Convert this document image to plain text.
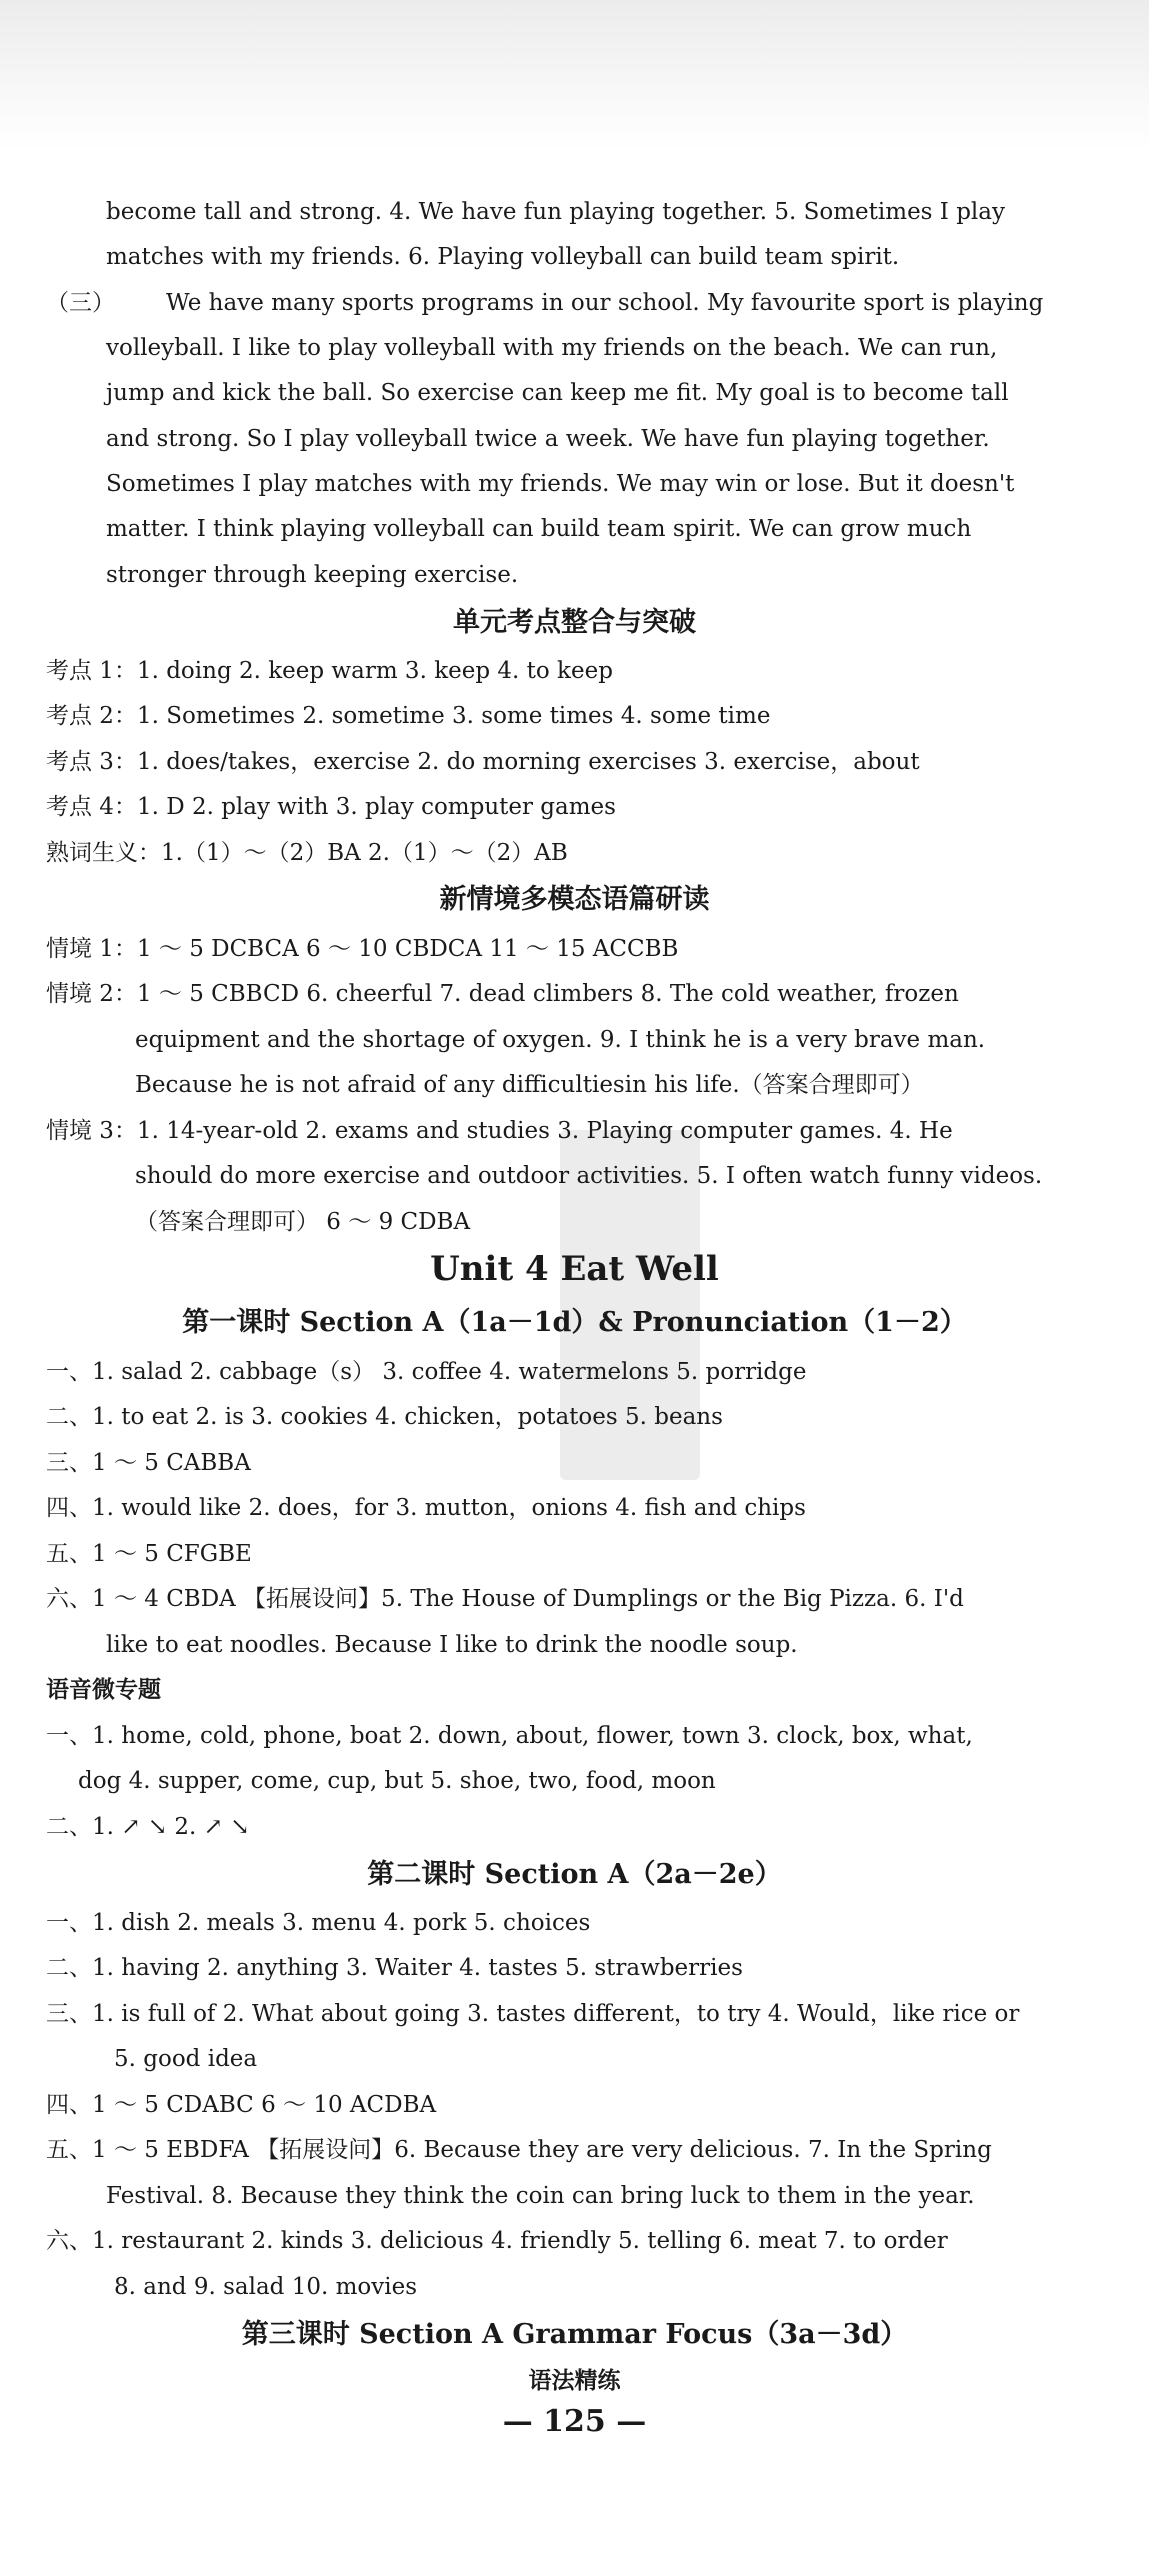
become tall and strong. 4. We have fun playing together. 5. Sometimes I play
matches with my friends. 6. Playing volleyball can build team spirit.
（三） We have many sports programs in our school. My favourite sport is playing
volleyball. I like to play volleyball with my friends on the beach. We can run,
jump and kick the ball. So exercise can keep me fit. My goal is to become tall
and strong. So I play volleyball twice a week. We have fun playing together.
Sometimes I play matches with my friends. We may win or lose. But it doesn't
matter. I think playing volleyball can build team spirit. We can grow much
stronger through keeping exercise.
单元考点整合与突破
考点 1：1. doing 2. keep warm 3. keep 4. to keep
考点 2：1. Sometimes 2. sometime 3. some times 4. some time
考点 3：1. does/takes，exercise 2. do morning exercises 3. exercise，about
考点 4：1. D 2. play with 3. play computer games
熟词生义：1.（1）～（2）BA 2.（1）～（2）AB
新情境多模态语篇研读
情境 1：1 ～ 5 DCBCA 6 ～ 10 CBDCA 11 ～ 15 ACCBB
情境 2：1 ～ 5 CBBCD 6. cheerful 7. dead climbers 8. The cold weather, frozen
equipment and the shortage of oxygen. 9. I think he is a very brave man.
Because he is not afraid of any difficultiesin his life.（答案合理即可）
情境 3：1. 14-year-old 2. exams and studies 3. Playing computer games. 4. He
should do more exercise and outdoor activities. 5. I often watch funny videos.
（答案合理即可） 6 ～ 9 CDBA
Unit 4 Eat Well
第一课时 Section A（1a－1d）& Pronunciation（1－2）
一、1. salad 2. cabbage（s） 3. coffee 4. watermelons 5. porridge
二、1. to eat 2. is 3. cookies 4. chicken，potatoes 5. beans
三、1 ～ 5 CABBA
四、1. would like 2. does，for 3. mutton，onions 4. fish and chips
五、1 ～ 5 CFGBE
六、1 ～ 4 CBDA 【拓展设问】5. The House of Dumplings or the Big Pizza. 6. I'd
like to eat noodles. Because I like to drink the noodle soup.
语音微专题
一、1. home, cold, phone, boat 2. down, about, flower, town 3. clock, box, what,
dog 4. supper, come, cup, but 5. shoe, two, food, moon
二、1. ↗ ↘ 2. ↗ ↘
第二课时 Section A（2a－2e）
一、1. dish 2. meals 3. menu 4. pork 5. choices
二、1. having 2. anything 3. Waiter 4. tastes 5. strawberries
三、1. is full of 2. What about going 3. tastes different，to try 4. Would，like rice or
5. good idea
四、1 ～ 5 CDABC 6 ～ 10 ACDBA
五、1 ～ 5 EBDFA 【拓展设问】6. Because they are very delicious. 7. In the Spring
Festival. 8. Because they think the coin can bring luck to them in the year.
六、1. restaurant 2. kinds 3. delicious 4. friendly 5. telling 6. meat 7. to order
8. and 9. salad 10. movies
第三课时 Section A Grammar Focus（3a－3d）
语法精练
— 125 —
